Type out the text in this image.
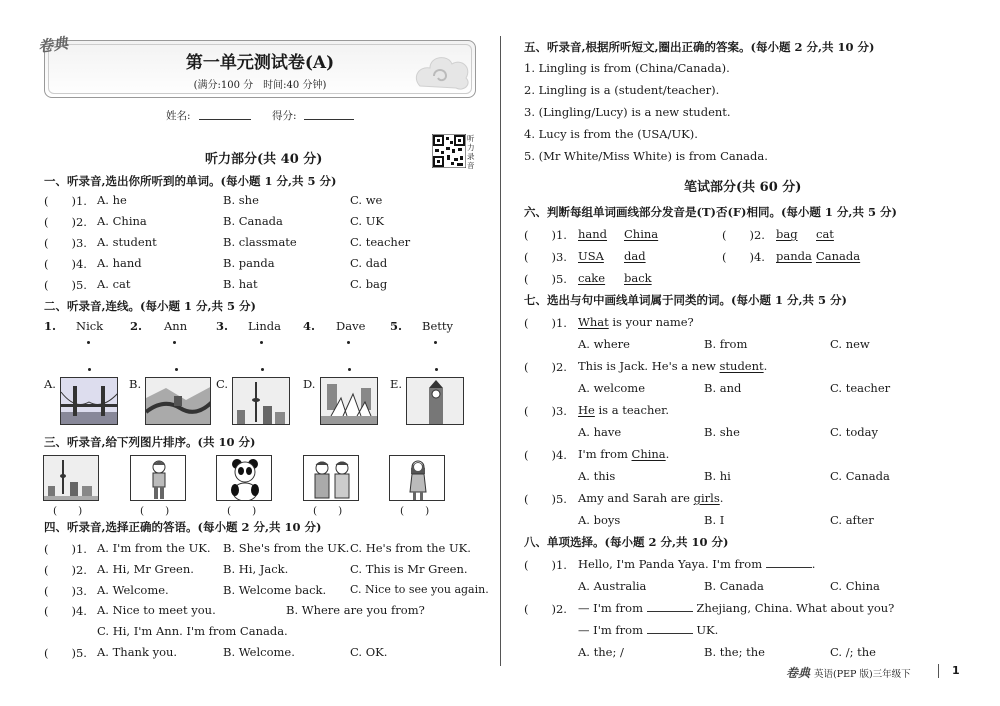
卷典
第一单元测试卷(A)
(满分:100 分　时间:40 分钟)
姓名:	得分:
听力录音
听力部分(共 40 分)
一、听录音,选出你所听到的单词。(每小题 1 分,共 5 分)
(　　)1. A. he	B. she	C. we
(　　)2. A. China	B. Canada	C. UK
(　　)3. A. student	B. classmate	C. teacher
(　　)4. A. hand	B. panda	C. dad
(　　)5. A. cat	B. hat	C. bag
二、听录音,连线。(每小题 1 分,共 5 分)
1. Nick 2. Ann	3. Linda 4. Dave 5. Betty
A.	B.	C.	D.	E.
三、听录音,给下列图片排序。(共 10 分)
(　　)	(　　)	(　　)	(　　)	(　　)
四、听录音,选择正确的答语。(每小题 2 分,共 10 分)
(　　)1. A. I'm from the UK. B. She's from the UK. C. He's from the UK.
(　　)2. A. Hi, Mr Green.	B. Hi, Jack.	C. This is Mr Green.
(　　)3. A. Welcome.	B. Welcome back. C. Nice to see you again.
(　　)4. A. Nice to meet you.	B. Where are you from?
C. Hi, I'm Ann. I'm from Canada.
(　　)5. A. Thank you.	B. Welcome.	C. OK.
五、听录音,根据所听短文,圈出正确的答案。(每小题 2 分,共 10 分)
1. Lingling is from (China/Canada).
2. Lingling is a (student/teacher).
3. (Lingling/Lucy) is a new student.
4. Lucy is from the (USA/UK).
5. (Mr White/Miss White) is from Canada.
笔试部分(共 60 分)
六、判断每组单词画线部分发音是(T)否(F)相同。(每小题 1 分,共 5 分)
(　　)1. hand China	(　　)2. bag cat
(　　)3. USA dad	(　　)4. panda Canada
(　　)5. cake back
七、选出与句中画线单词属于同类的词。(每小题 1 分,共 5 分)
(　　)1. What is your name?
A. where	B. from	C. new
(　　)2. This is Jack. He's a new student.
A. welcome	B. and	C. teacher
(　　)3. He is a teacher.
A. have	B. she	C. today
(　　)4. I'm from China.
A. this	B. hi	C. Canada
(　　)5. Amy and Sarah are girls.
A. boys	B. I	C. after
八、单项选择。(每小题 2 分,共 10 分)
(　　)1. Hello, I'm Panda Yaya. I'm from	.
A. Australia	B. Canada	C. China
(　　)2. — I'm from	Zhejiang, China. What about you?
— I'm from	UK.
A. the; /	B. the; the	C. /; the
卷典 英语(PEP 版)三年级下	1
